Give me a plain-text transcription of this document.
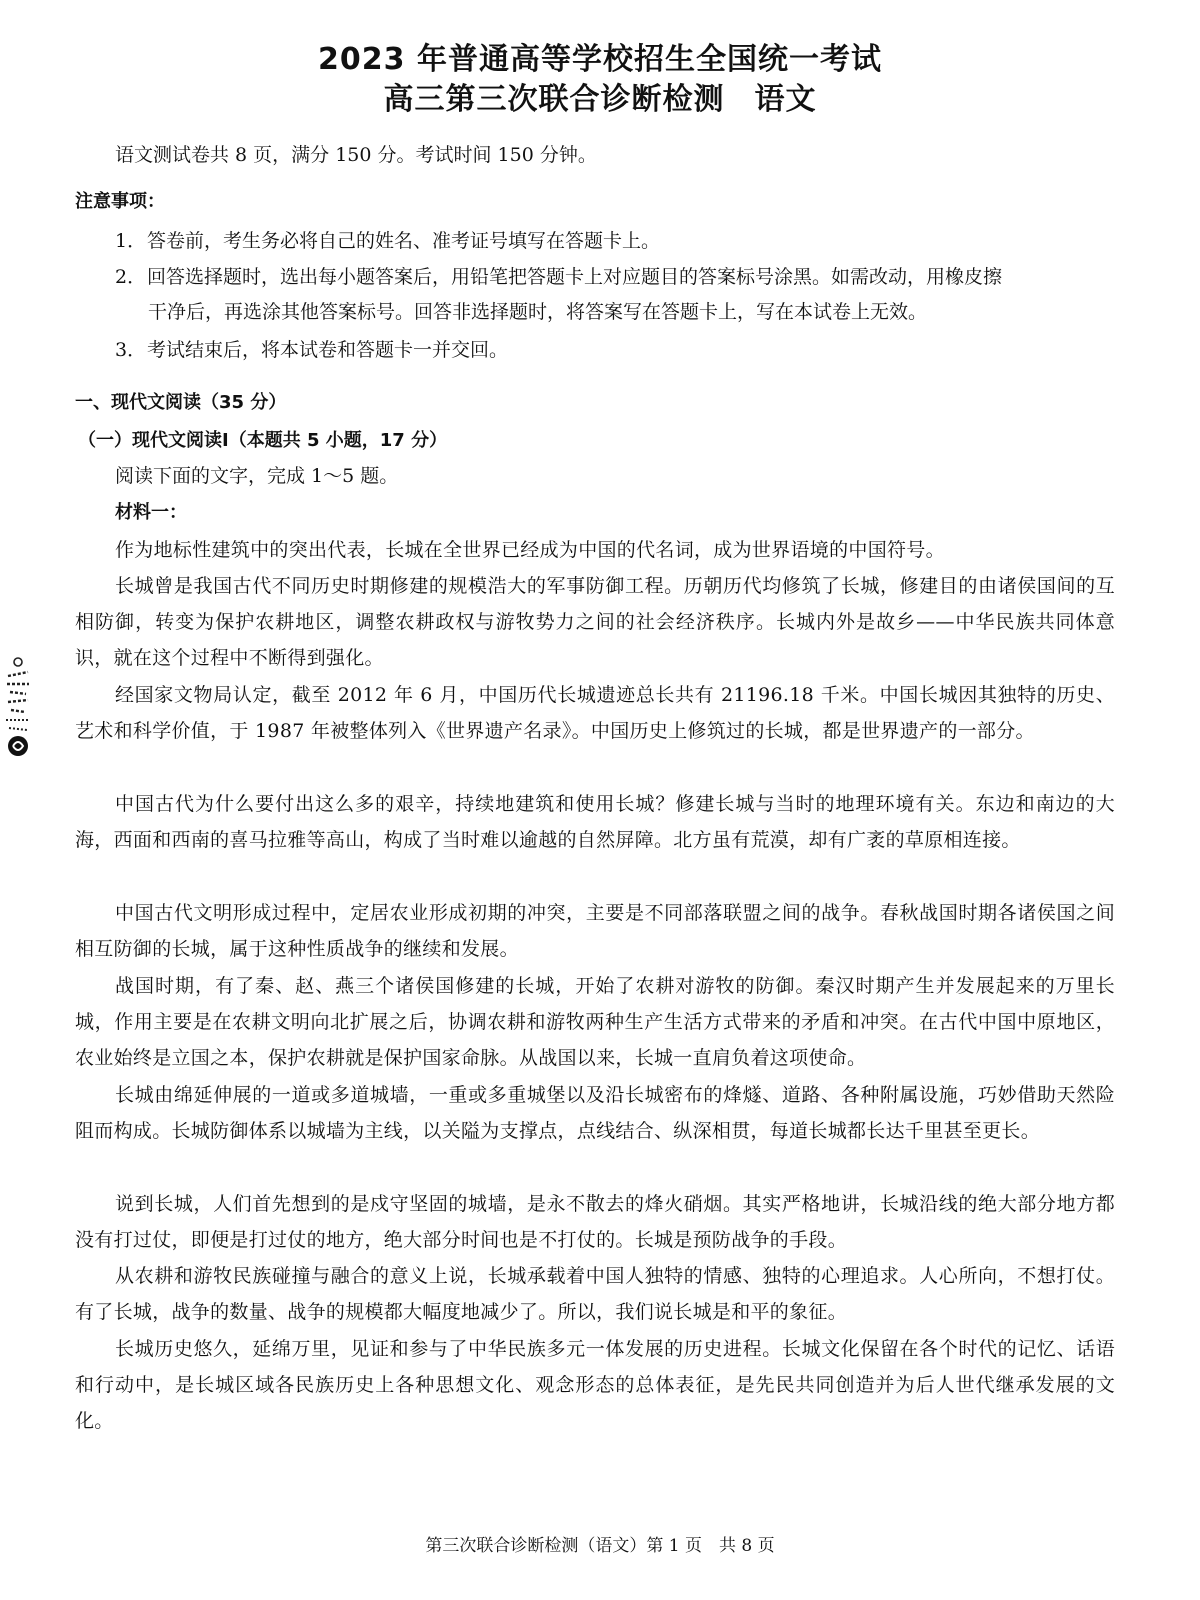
2023 年普通高等学校招生全国统一考试
高三第三次联合诊断检测 语文
语文测试卷共 8 页，满分 150 分。考试时间 150 分钟。
注意事项：
1．答卷前，考生务必将自己的姓名、准考证号填写在答题卡上。
2．回答选择题时，选出每小题答案后，用铅笔把答题卡上对应题目的答案标号涂黑。如需改动，用橡皮擦
干净后，再选涂其他答案标号。回答非选择题时，将答案写在答题卡上，写在本试卷上无效。
3．考试结束后，将本试卷和答题卡一并交回。
一、现代文阅读（35 分）
（一）现代文阅读Ⅰ（本题共 5 小题，17 分）
阅读下面的文字，完成 1～5 题。
材料一：
作为地标性建筑中的突出代表，长城在全世界已经成为中国的代名词，成为世界语境的中国符号。
长城曾是我国古代不同历史时期修建的规模浩大的军事防御工程。历朝历代均修筑了长城，修建目的由诸侯国间的互相防御，转变为保护农耕地区，调整农耕政权与游牧势力之间的社会经济秩序。长城内外是故乡——中华民族共同体意识，就在这个过程中不断得到强化。
经国家文物局认定，截至 2012 年 6 月，中国历代长城遗迹总长共有 21196.18 千米。中国长城因其独特的历史、艺术和科学价值，于 1987 年被整体列入《世界遗产名录》。中国历史上修筑过的长城，都是世界遗产的一部分。
中国古代为什么要付出这么多的艰辛，持续地建筑和使用长城？修建长城与当时的地理环境有关。东边和南边的大海，西面和西南的喜马拉雅等高山，构成了当时难以逾越的自然屏障。北方虽有荒漠，却有广袤的草原相连接。
中国古代文明形成过程中，定居农业形成初期的冲突，主要是不同部落联盟之间的战争。春秋战国时期各诸侯国之间相互防御的长城，属于这种性质战争的继续和发展。
战国时期，有了秦、赵、燕三个诸侯国修建的长城，开始了农耕对游牧的防御。秦汉时期产生并发展起来的万里长城，作用主要是在农耕文明向北扩展之后，协调农耕和游牧两种生产生活方式带来的矛盾和冲突。在古代中国中原地区，农业始终是立国之本，保护农耕就是保护国家命脉。从战国以来，长城一直肩负着这项使命。
长城由绵延伸展的一道或多道城墙，一重或多重城堡以及沿长城密布的烽燧、道路、各种附属设施，巧妙借助天然险阻而构成。长城防御体系以城墙为主线，以关隘为支撑点，点线结合、纵深相贯，每道长城都长达千里甚至更长。
说到长城，人们首先想到的是戍守坚固的城墙，是永不散去的烽火硝烟。其实严格地讲，长城沿线的绝大部分地方都没有打过仗，即便是打过仗的地方，绝大部分时间也是不打仗的。长城是预防战争的手段。
从农耕和游牧民族碰撞与融合的意义上说，长城承载着中国人独特的情感、独特的心理追求。人心所向，不想打仗。有了长城，战争的数量、战争的规模都大幅度地减少了。所以，我们说长城是和平的象征。
长城历史悠久，延绵万里，见证和参与了中华民族多元一体发展的历史进程。长城文化保留在各个时代的记忆、话语和行动中，是长城区域各民族历史上各种思想文化、观念形态的总体表征，是先民共同创造并为后人世代继承发展的文化。
第三次联合诊断检测（语文）第 1 页　共 8 页
